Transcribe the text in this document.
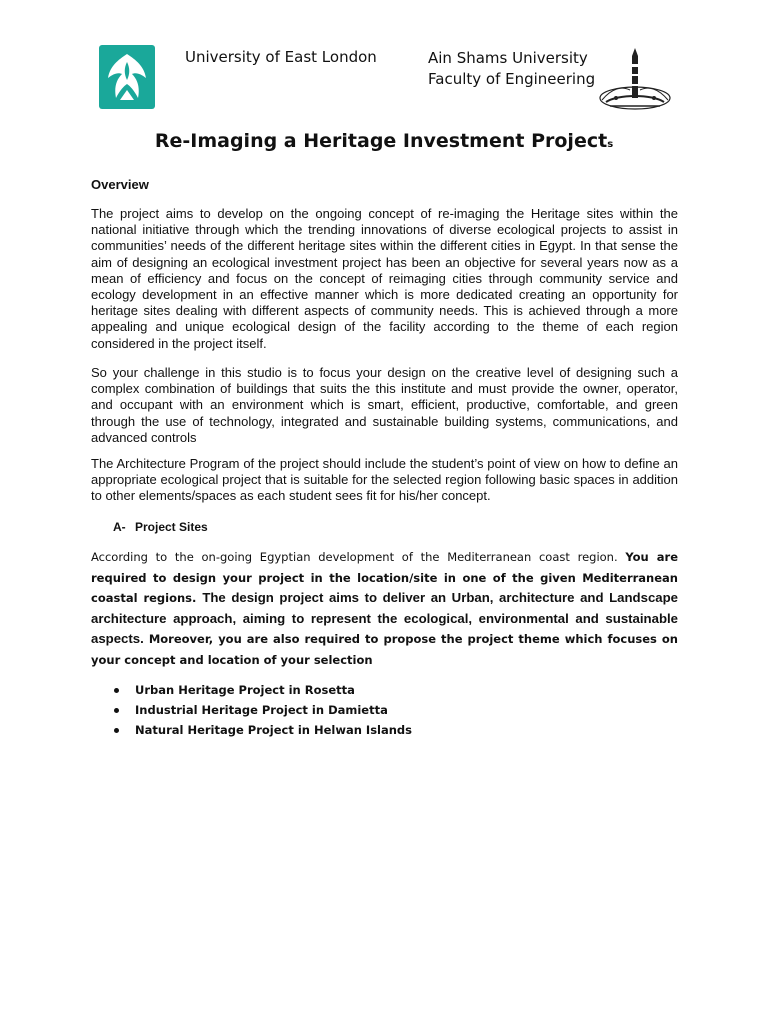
University of East London	Ain Shams University
Faculty of Engineering
Re-Imaging a Heritage Investment Projects
Overview
The project aims to develop on the ongoing concept of re-imaging the Heritage sites within the national initiative through which the trending innovations of diverse ecological projects to assist in communities’ needs of the different heritage sites within the different cities in Egypt. In that sense the aim of designing an ecological investment project has been an objective for several years now as a mean of efficiency and focus on the concept of reimaging cities through community service and ecology development in an effective manner which is more dedicated creating an opportunity for heritage sites dealing with different aspects of community needs. This is achieved through a more appealing and unique ecological design of the facility according to the theme of each region considered in the project itself.
So your challenge in this studio is to focus your design on the creative level of designing such a complex combination of buildings that suits the this institute and must provide the owner, operator, and occupant with an environment which is smart, efficient, productive, comfortable, and green through the use of technology, integrated and sustainable building systems, communications, and advanced controls
The Architecture Program of the project should include the student’s point of view on how to define an appropriate ecological project that is suitable for the selected region following basic spaces in addition to other elements/spaces as each student sees fit for his/her concept.
A- Project Sites
According to the on-going Egyptian development of the Mediterranean coast region. You are required to design your project in the location/site in one of the given Mediterranean coastal regions. The design project aims to deliver an Urban, architecture and Landscape architecture approach, aiming to represent the ecological, environmental and sustainable aspects. Moreover, you are also required to propose the project theme which focuses on your concept and location of your selection
Urban Heritage Project in Rosetta
Industrial Heritage Project in Damietta
Natural Heritage Project in Helwan Islands
